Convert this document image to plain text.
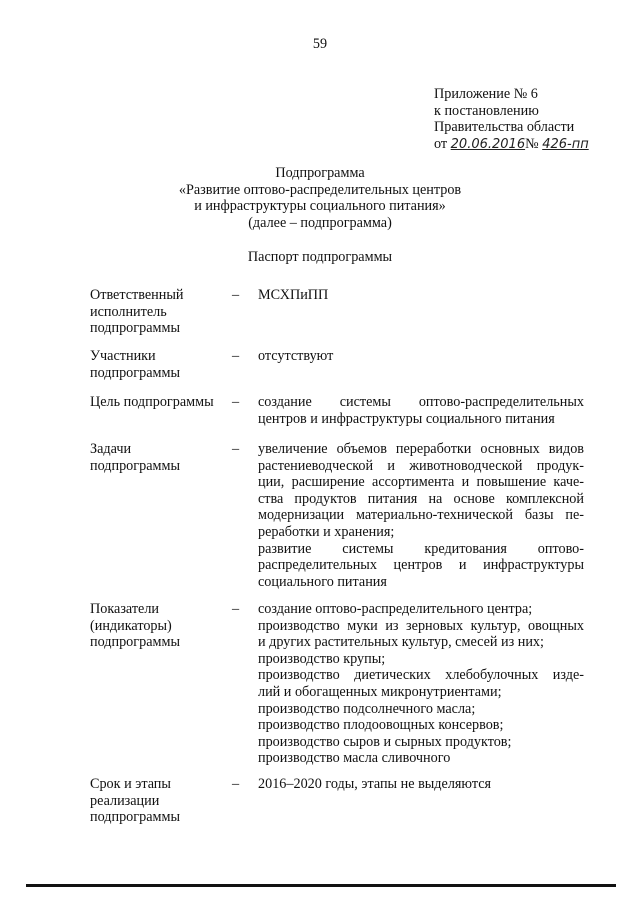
59
Приложение № 6
к постановлению
Правительства области
от 20.06.2016№ 426-пп
Подпрограмма
«Развитие оптово-распределительных центров
и инфраструктуры социального питания»
(далее – подпрограмма)
Паспорт подпрограммы
Ответственный
исполнитель
подпрограммы
– МСХПиПП
Участники
подпрограммы
– отсутствуют
Цель подпрограммы	– создание системы оптово-распределительных
центров и инфраструктуры социального питания
Задачи
подпрограммы
– увеличение объемов переработки основных видов
растениеводческой и животноводческой продук-
ции, расширение ассортимента и повышение каче-
ства продуктов питания на основе комплексной
модернизации материально-технической базы пе-
реработки и хранения;
развитие системы кредитования оптово-
распределительных центров и инфраструктуры
социального питания
Показатели
(индикаторы)
подпрограммы
– создание оптово-распределительного центра;
производство муки из зерновых культур, овощных
и других растительных культур, смесей из них;
производство крупы;
производство диетических хлебобулочных изде-
лий и обогащенных микронутриентами;
производство подсолнечного масла;
производство плодоовощных консервов;
производство сыров и сырных продуктов;
производство масла сливочного
Срок и этапы
реализации
подпрограммы
– 2016–2020 годы, этапы не выделяются
